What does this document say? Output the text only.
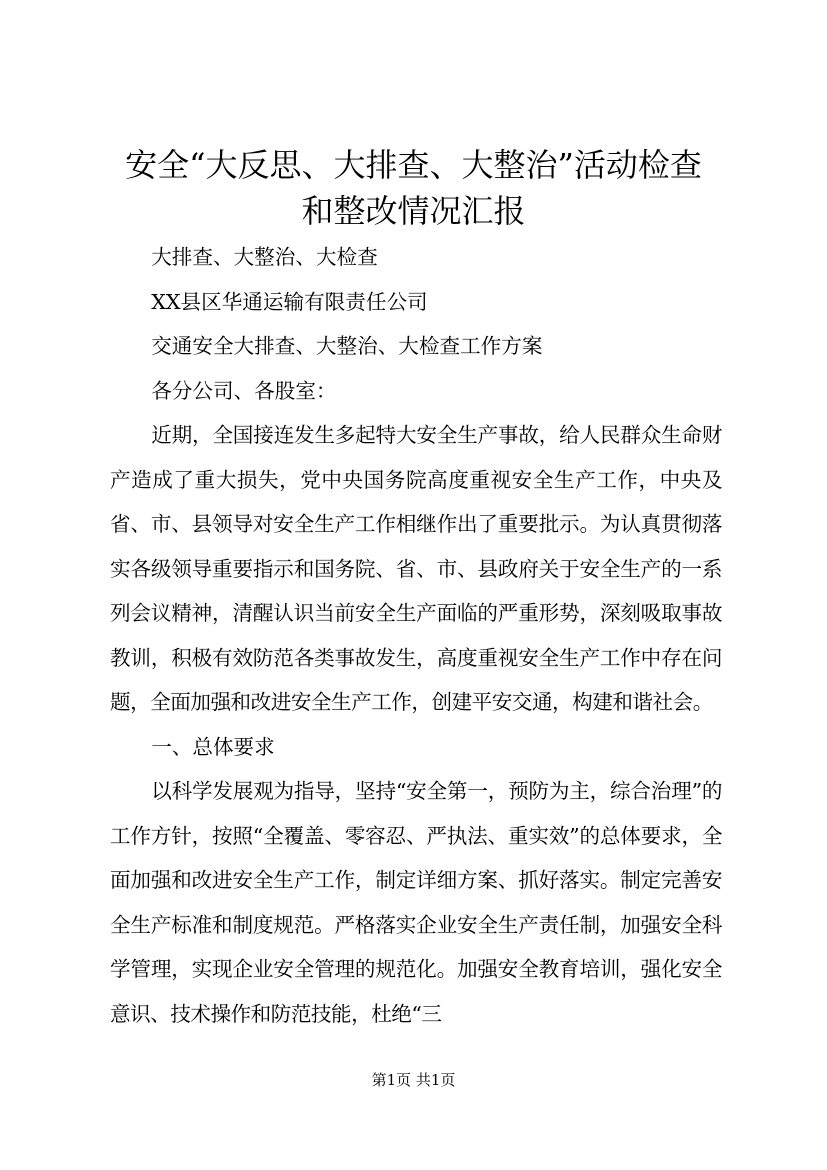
安全“大反思、大排查、大整治”活动检查和整改情况汇报

大排查、大整治、大检查

XX县区华通运输有限责任公司

交通安全大排查、大整治、大检查工作方案

各分公司、各股室：

近期，全国接连发生多起特大安全生产事故，给人民群众生命财产造成了重大损失，党中央国务院高度重视安全生产工作，中央及省、市、县领导对安全生产工作相继作出了重要批示。为认真贯彻落实各级领导重要指示和国务院、省、市、县政府关于安全生产的一系列会议精神，清醒认识当前安全生产面临的严重形势，深刻吸取事故教训，积极有效防范各类事故发生，高度重视安全生产工作中存在问题，全面加强和改进安全生产工作，创建平安交通，构建和谐社会。

一、总体要求

以科学发展观为指导，坚持“安全第一，预防为主，综合治理”的工作方针，按照“全覆盖、零容忍、严执法、重实效”的总体要求，全面加强和改进安全生产工作，制定详细方案、抓好落实。制定完善安全生产标准和制度规范。严格落实企业安全生产责任制，加强安全科学管理，实现企业安全管理的规范化。加强安全教育培训，强化安全意识、技术操作和防范技能，杜绝“三

第1页 共1页
